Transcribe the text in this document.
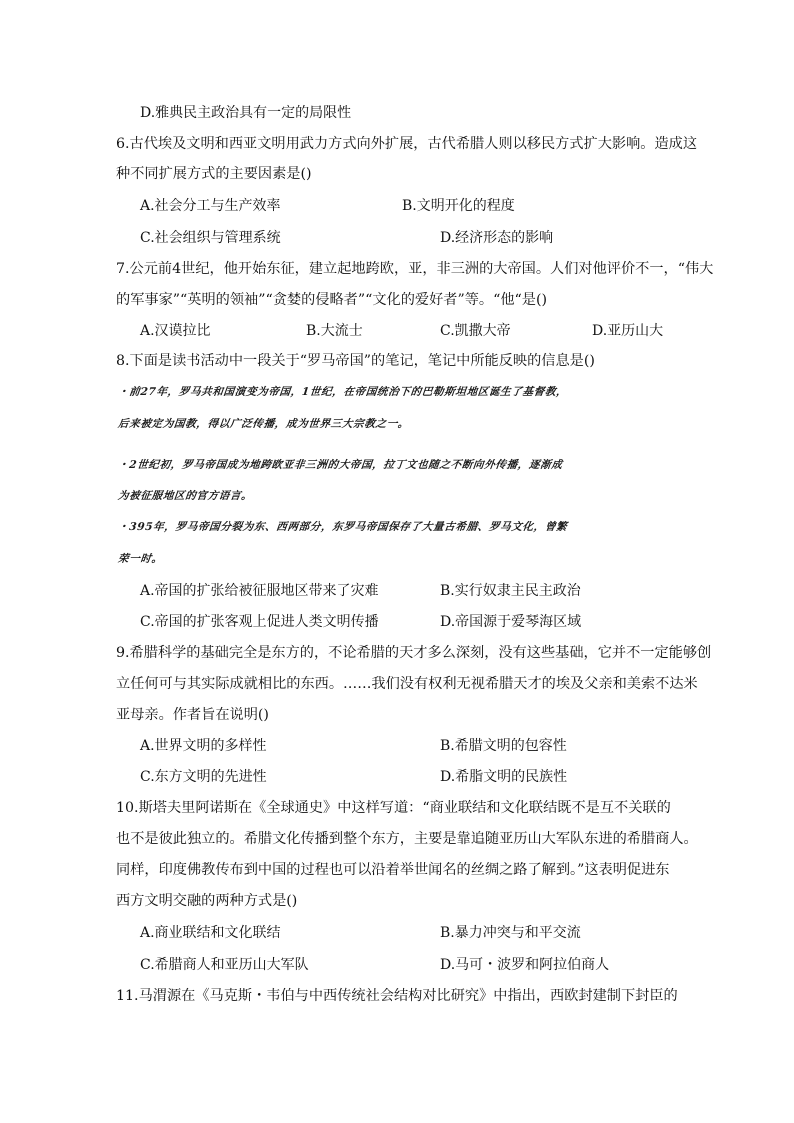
D.雅典民主政治具有一定的局限性
6.古代埃及文明和西亚文明用武力方式向外扩展，古代希腊人则以移民方式扩大影响。造成这
种不同扩展方式的主要因素是()
A.社会分工与生产效率	B.文明开化的程度
C.社会组织与管理系统	D.经济形态的影响
7.公元前4世纪，他开始东征，建立起地跨欧，亚，非三洲的大帝国。人们对他评价不一，“伟大
的军事家”“英明的领袖”“贪婪的侵略者”“文化的爱好者”等。“他“是()
A.汉谟拉比	B.大流士	C.凯撒大帝	D.亚历山大
8.下面是读书活动中一段关于“罗马帝国”的笔记，笔记中所能反映的信息是()
・前27年，罗马共和国演变为帝国，1世纪，在帝国统治下的巴勒斯坦地区诞生了基督教，
后来被定为国教，得以广泛传播，成为世界三大宗教之一。
・2世纪初，罗马帝国成为地跨欧亚非三洲的大帝国，拉丁文也随之不断向外传播，逐渐成
为被征服地区的官方语言。
・395年，罗马帝国分裂为东、西两部分，东罗马帝国保存了大量古希腊、罗马文化，曾繁
荣一时。
A.帝国的扩张给被征服地区带来了灾难	B.实行奴隶主民主政治
C.帝国的扩张客观上促进人类文明传播	D.帝国源于爱琴海区域
9.希腊科学的基础完全是东方的，不论希腊的天才多么深刻，没有这些基础，它并不一定能够创
立任何可与其实际成就相比的东西。……我们没有权利无视希腊天才的埃及父亲和美索不达米
亚母亲。作者旨在说明()
A.世界文明的多样性	B.希腊文明的包容性
C.东方文明的先进性	D.希脂文明的民族性
10.斯塔夫里阿诺斯在《全球通史》中这样写道：“商业联结和文化联结既不是互不关联的
也不是彼此独立的。希腊文化传播到整个东方，主要是靠追随亚历山大军队东进的希腊商人。
同样，印度佛教传布到中国的过程也可以沿着举世闻名的丝绸之路了解到。”这表明促进东
西方文明交融的两种方式是()
A.商业联结和文化联结	B.暴力冲突与和平交流
C.希腊商人和亚历山大军队	D.马可・波罗和阿拉伯商人
11.马渭源在《马克斯・韦伯与中西传统社会结构对比研究》中指出，西欧封建制下封臣的
